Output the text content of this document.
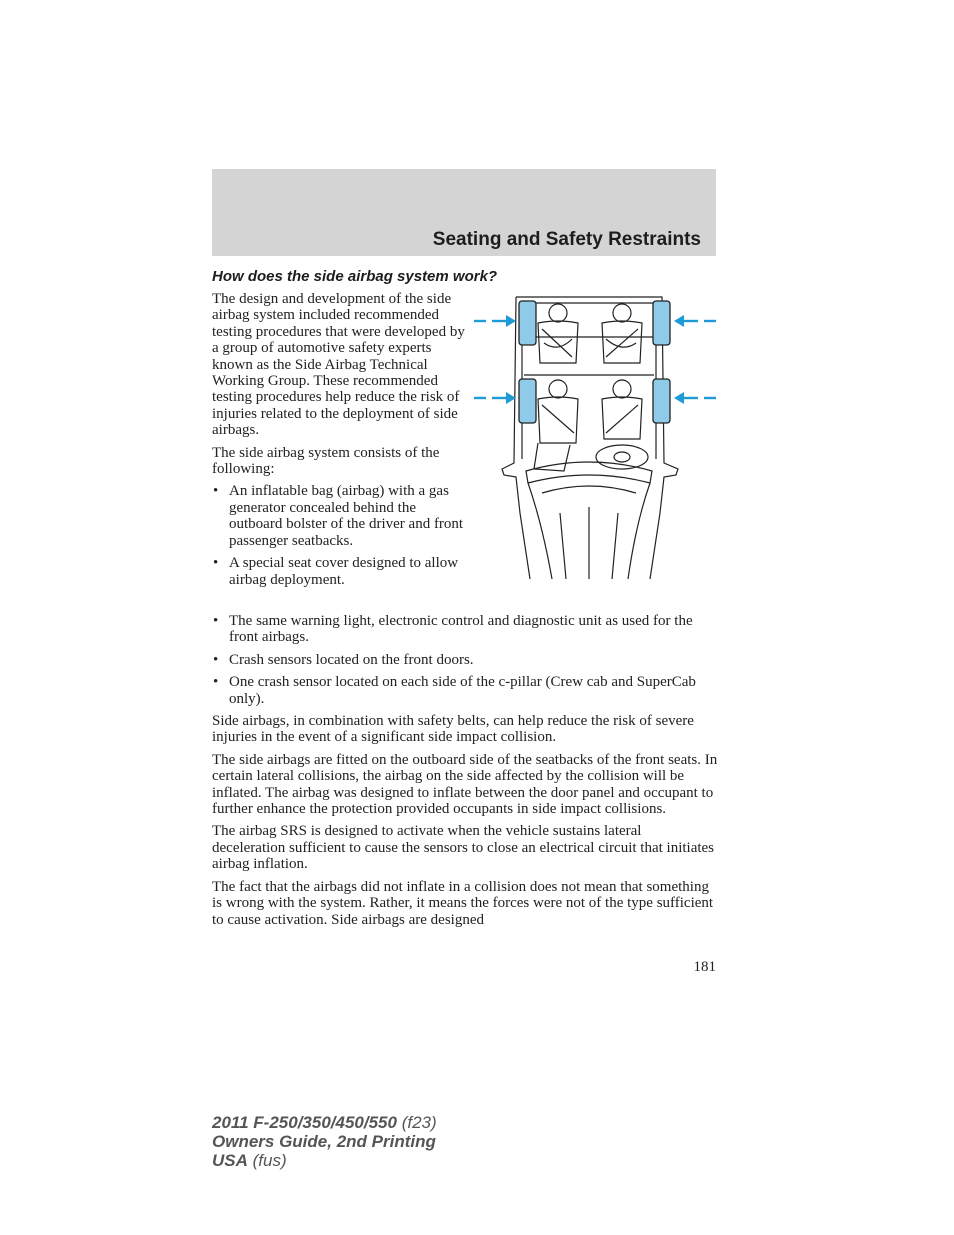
Seating and Safety Restraints
How does the side airbag system work?

The design and development of the side airbag system included recommended testing procedures that were developed by a group of automotive safety experts known as the Side Airbag Technical Working Group. These recommended testing procedures help reduce the risk of injuries related to the deployment of side airbags.

The side airbag system consists of the following:

• An inflatable bag (airbag) with a gas generator concealed behind the outboard bolster of the driver and front passenger seatbacks.
• A special seat cover designed to allow airbag deployment.
• The same warning light, electronic control and diagnostic unit as used for the front airbags.
• Crash sensors located on the front doors.
• One crash sensor located on each side of the c-pillar (Crew cab and SuperCab only).

Side airbags, in combination with safety belts, can help reduce the risk of severe injuries in the event of a significant side impact collision.

The side airbags are fitted on the outboard side of the seatbacks of the front seats. In certain lateral collisions, the airbag on the side affected by the collision will be inflated. The airbag was designed to inflate between the door panel and occupant to further enhance the protection provided occupants in side impact collisions.

The airbag SRS is designed to activate when the vehicle sustains lateral deceleration sufficient to cause the sensors to close an electrical circuit that initiates airbag inflation.

The fact that the airbags did not inflate in a collision does not mean that something is wrong with the system. Rather, it means the forces were not of the type sufficient to cause activation. Side airbags are designed

181
2011 F-250/350/450/550 (f23)
Owners Guide, 2nd Printing
USA (fus)
